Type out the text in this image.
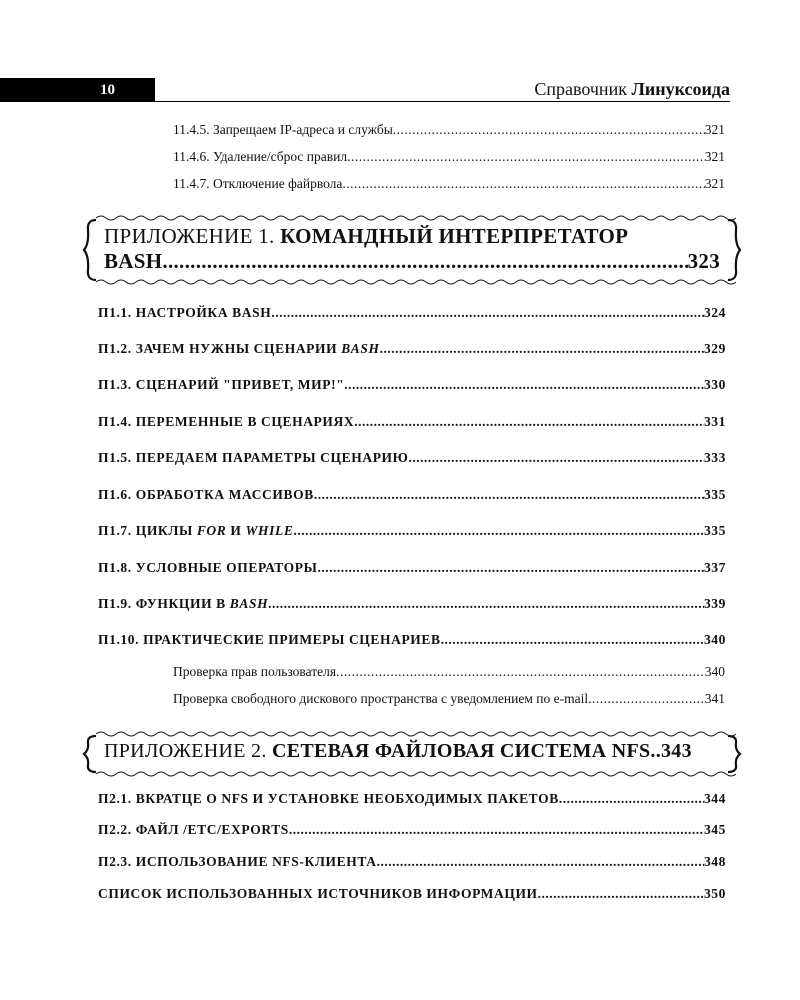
10	Справочник Линуксоида
11.4.5. Запрещаем IP-адреса и службы .....	321
11.4.6. Удаление/сброс правил .....	321
11.4.7. Отключение файрвола .....	321
ПРИЛОЖЕНИЕ 1. КОМАНДНЫЙ ИНТЕРПРЕТАТОР
BASH .....	323
П1.1. НАСТРОЙКА BASH .....	324
П1.2. ЗАЧЕМ НУЖНЫ СЦЕНАРИИ BASH .....	329
П1.3. СЦЕНАРИЙ "ПРИВЕТ, МИР!" .....	330
П1.4. ПЕРЕМЕННЫЕ В СЦЕНАРИЯХ .....	331
П1.5. ПЕРЕДАЕМ ПАРАМЕТРЫ СЦЕНАРИЮ .....	333
П1.6. ОБРАБОТКА МАССИВОВ .....	335
П1.7. ЦИКЛЫ FOR И WHILE .....	335
П1.8. УСЛОВНЫЕ ОПЕРАТОРЫ .....	337
П1.9. ФУНКЦИИ В BASH .....	339
П1.10. ПРАКТИЧЕСКИЕ ПРИМЕРЫ СЦЕНАРИЕВ .....	340
Проверка прав пользователя .....	340
Проверка свободного дискового пространства с уведомлением по e-mail .....	341
ПРИЛОЖЕНИЕ 2. СЕТЕВАЯ ФАЙЛОВАЯ СИСТЕМА NFS..343
П2.1. ВКРАТЦЕ О NFS И УСТАНОВКЕ НЕОБХОДИМЫХ ПАКЕТОВ .....	344
П2.2. ФАЙЛ /ETC/EXPORTS .....	345
П2.3. ИСПОЛЬЗОВАНИЕ NFS-КЛИЕНТА .....	348
СПИСОК ИСПОЛЬЗОВАННЫХ ИСТОЧНИКОВ ИНФОРМАЦИИ .....	350
